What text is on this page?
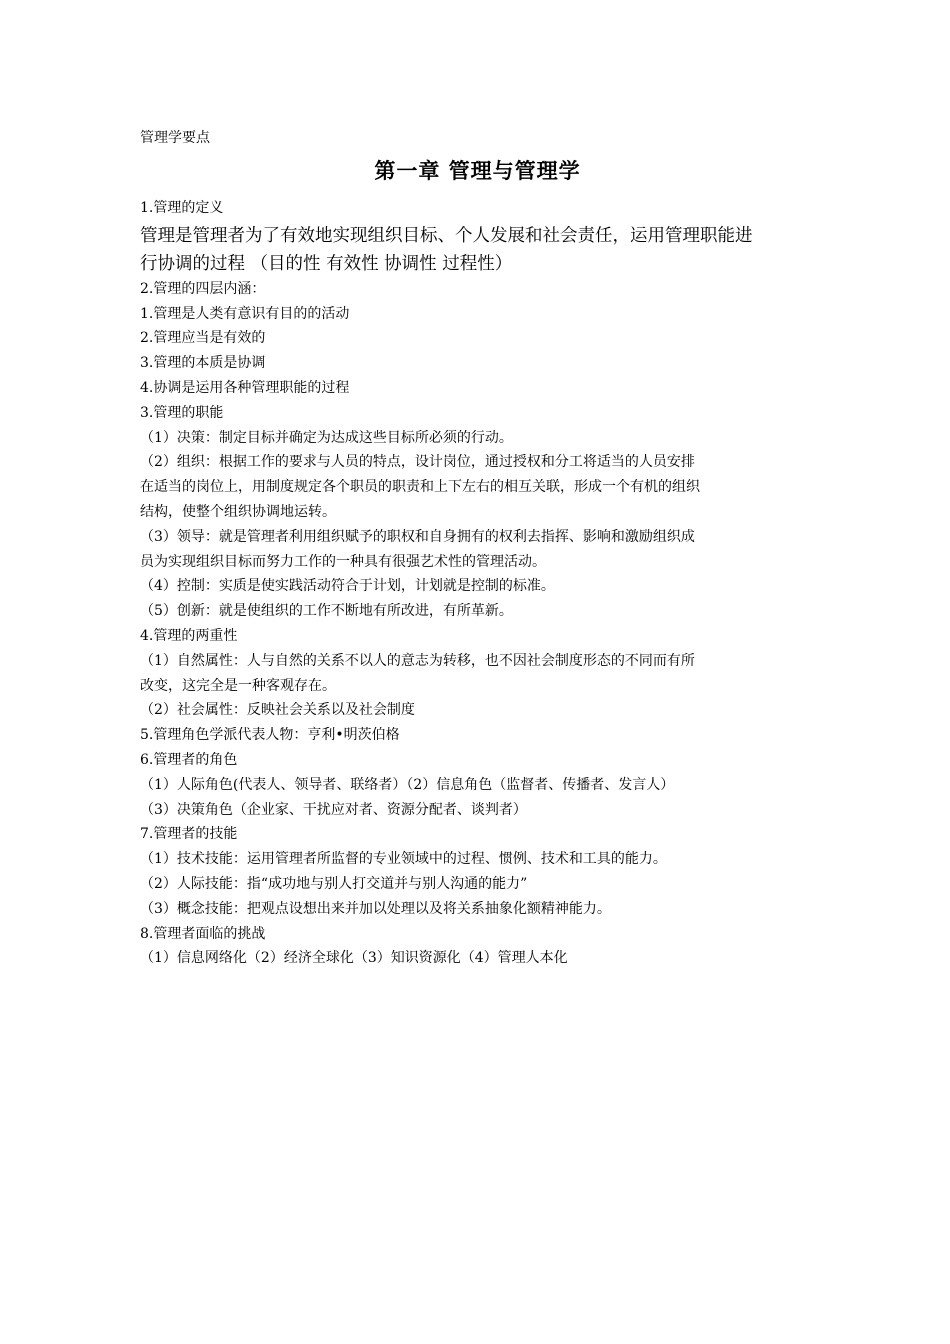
管理学要点

第一章 管理与管理学

1.管理的定义

管理是管理者为了有效地实现组织目标、个人发展和社会责任，运用管理职能进

行协调的过程 （目的性 有效性 协调性 过程性）

2.管理的四层内涵：

1.管理是人类有意识有目的的活动

2.管理应当是有效的

3.管理的本质是协调

4.协调是运用各种管理职能的过程

3.管理的职能

（1）决策：制定目标并确定为达成这些目标所必须的行动。

（2）组织：根据工作的要求与人员的特点，设计岗位，通过授权和分工将适当的人员安排

在适当的岗位上，用制度规定各个职员的职责和上下左右的相互关联，形成一个有机的组织

结构，使整个组织协调地运转。

（3）领导：就是管理者利用组织赋予的职权和自身拥有的权利去指挥、影响和激励组织成

员为实现组织目标而努力工作的一种具有很强艺术性的管理活动。

（4）控制：实质是使实践活动符合于计划，计划就是控制的标准。

（5）创新：就是使组织的工作不断地有所改进，有所革新。

4.管理的两重性

（1）自然属性：人与自然的关系不以人的意志为转移，也不因社会制度形态的不同而有所

改变，这完全是一种客观存在。

（2）社会属性：反映社会关系以及社会制度

5.管理角色学派代表人物：亨利•明茨伯格

6.管理者的角色

（1）人际角色(代表人、领导者、联络者）（2）信息角色（监督者、传播者、发言人）

（3）决策角色（企业家、干扰应对者、资源分配者、谈判者）

7.管理者的技能

（1）技术技能：运用管理者所监督的专业领域中的过程、惯例、技术和工具的能力。

（2）人际技能：指“成功地与别人打交道并与别人沟通的能力”

（3）概念技能：把观点设想出来并加以处理以及将关系抽象化额精神能力。

8.管理者面临的挑战

（1）信息网络化（2）经济全球化（3）知识资源化（4）管理人本化
